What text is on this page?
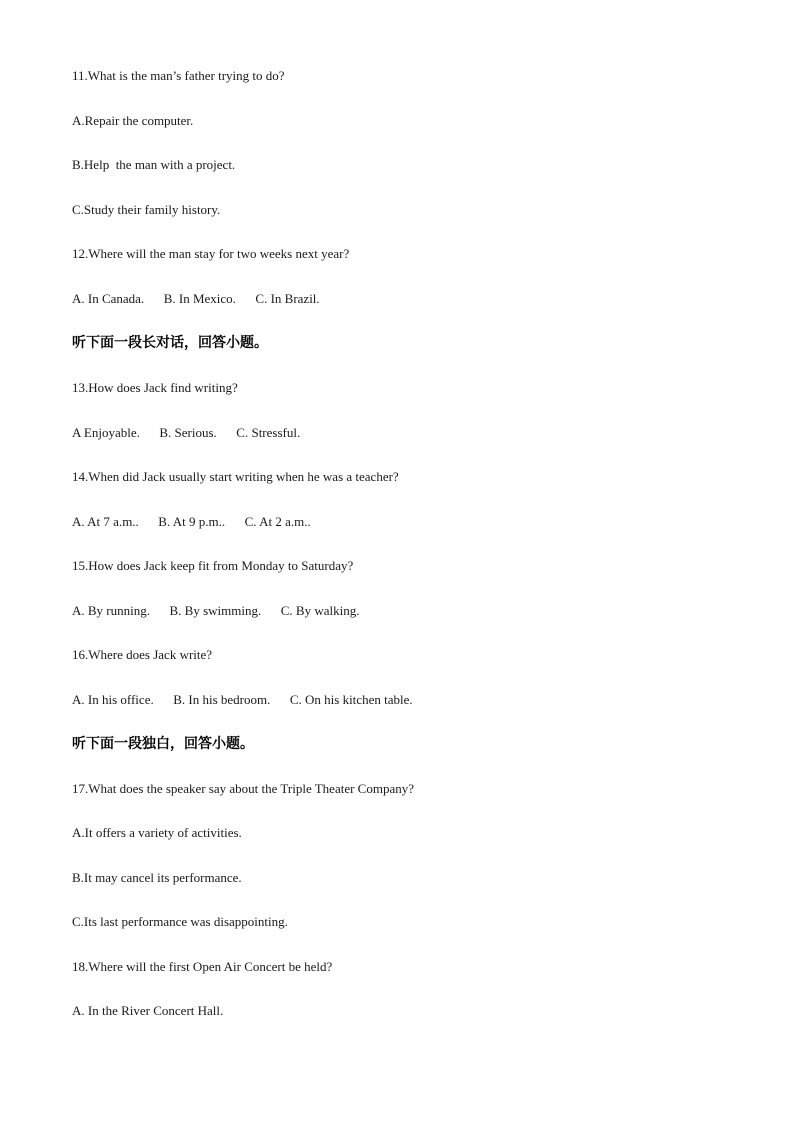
11.What is the man’s father trying to do?

A.Repair the computer.

B.Help  the man with a project.

C.Study their family history.

12.Where will the man stay for two weeks next year?

A. In Canada.      B. In Mexico.      C. In Brazil.

听下面一段长对话，回答小题。

13.How does Jack find writing?

A Enjoyable.      B. Serious.      C. Stressful.

14.When did Jack usually start writing when he was a teacher?

A. At 7 a.m..      B. At 9 p.m..      C. At 2 a.m..

15.How does Jack keep fit from Monday to Saturday?

A. By running.      B. By swimming.      C. By walking.

16.Where does Jack write?

A. In his office.      B. In his bedroom.      C. On his kitchen table.

听下面一段独白，回答小题。

17.What does the speaker say about the Triple Theater Company?

A.It offers a variety of activities.

B.It may cancel its performance.

C.Its last performance was disappointing.

18.Where will the first Open Air Concert be held?

A. In the River Concert Hall.
